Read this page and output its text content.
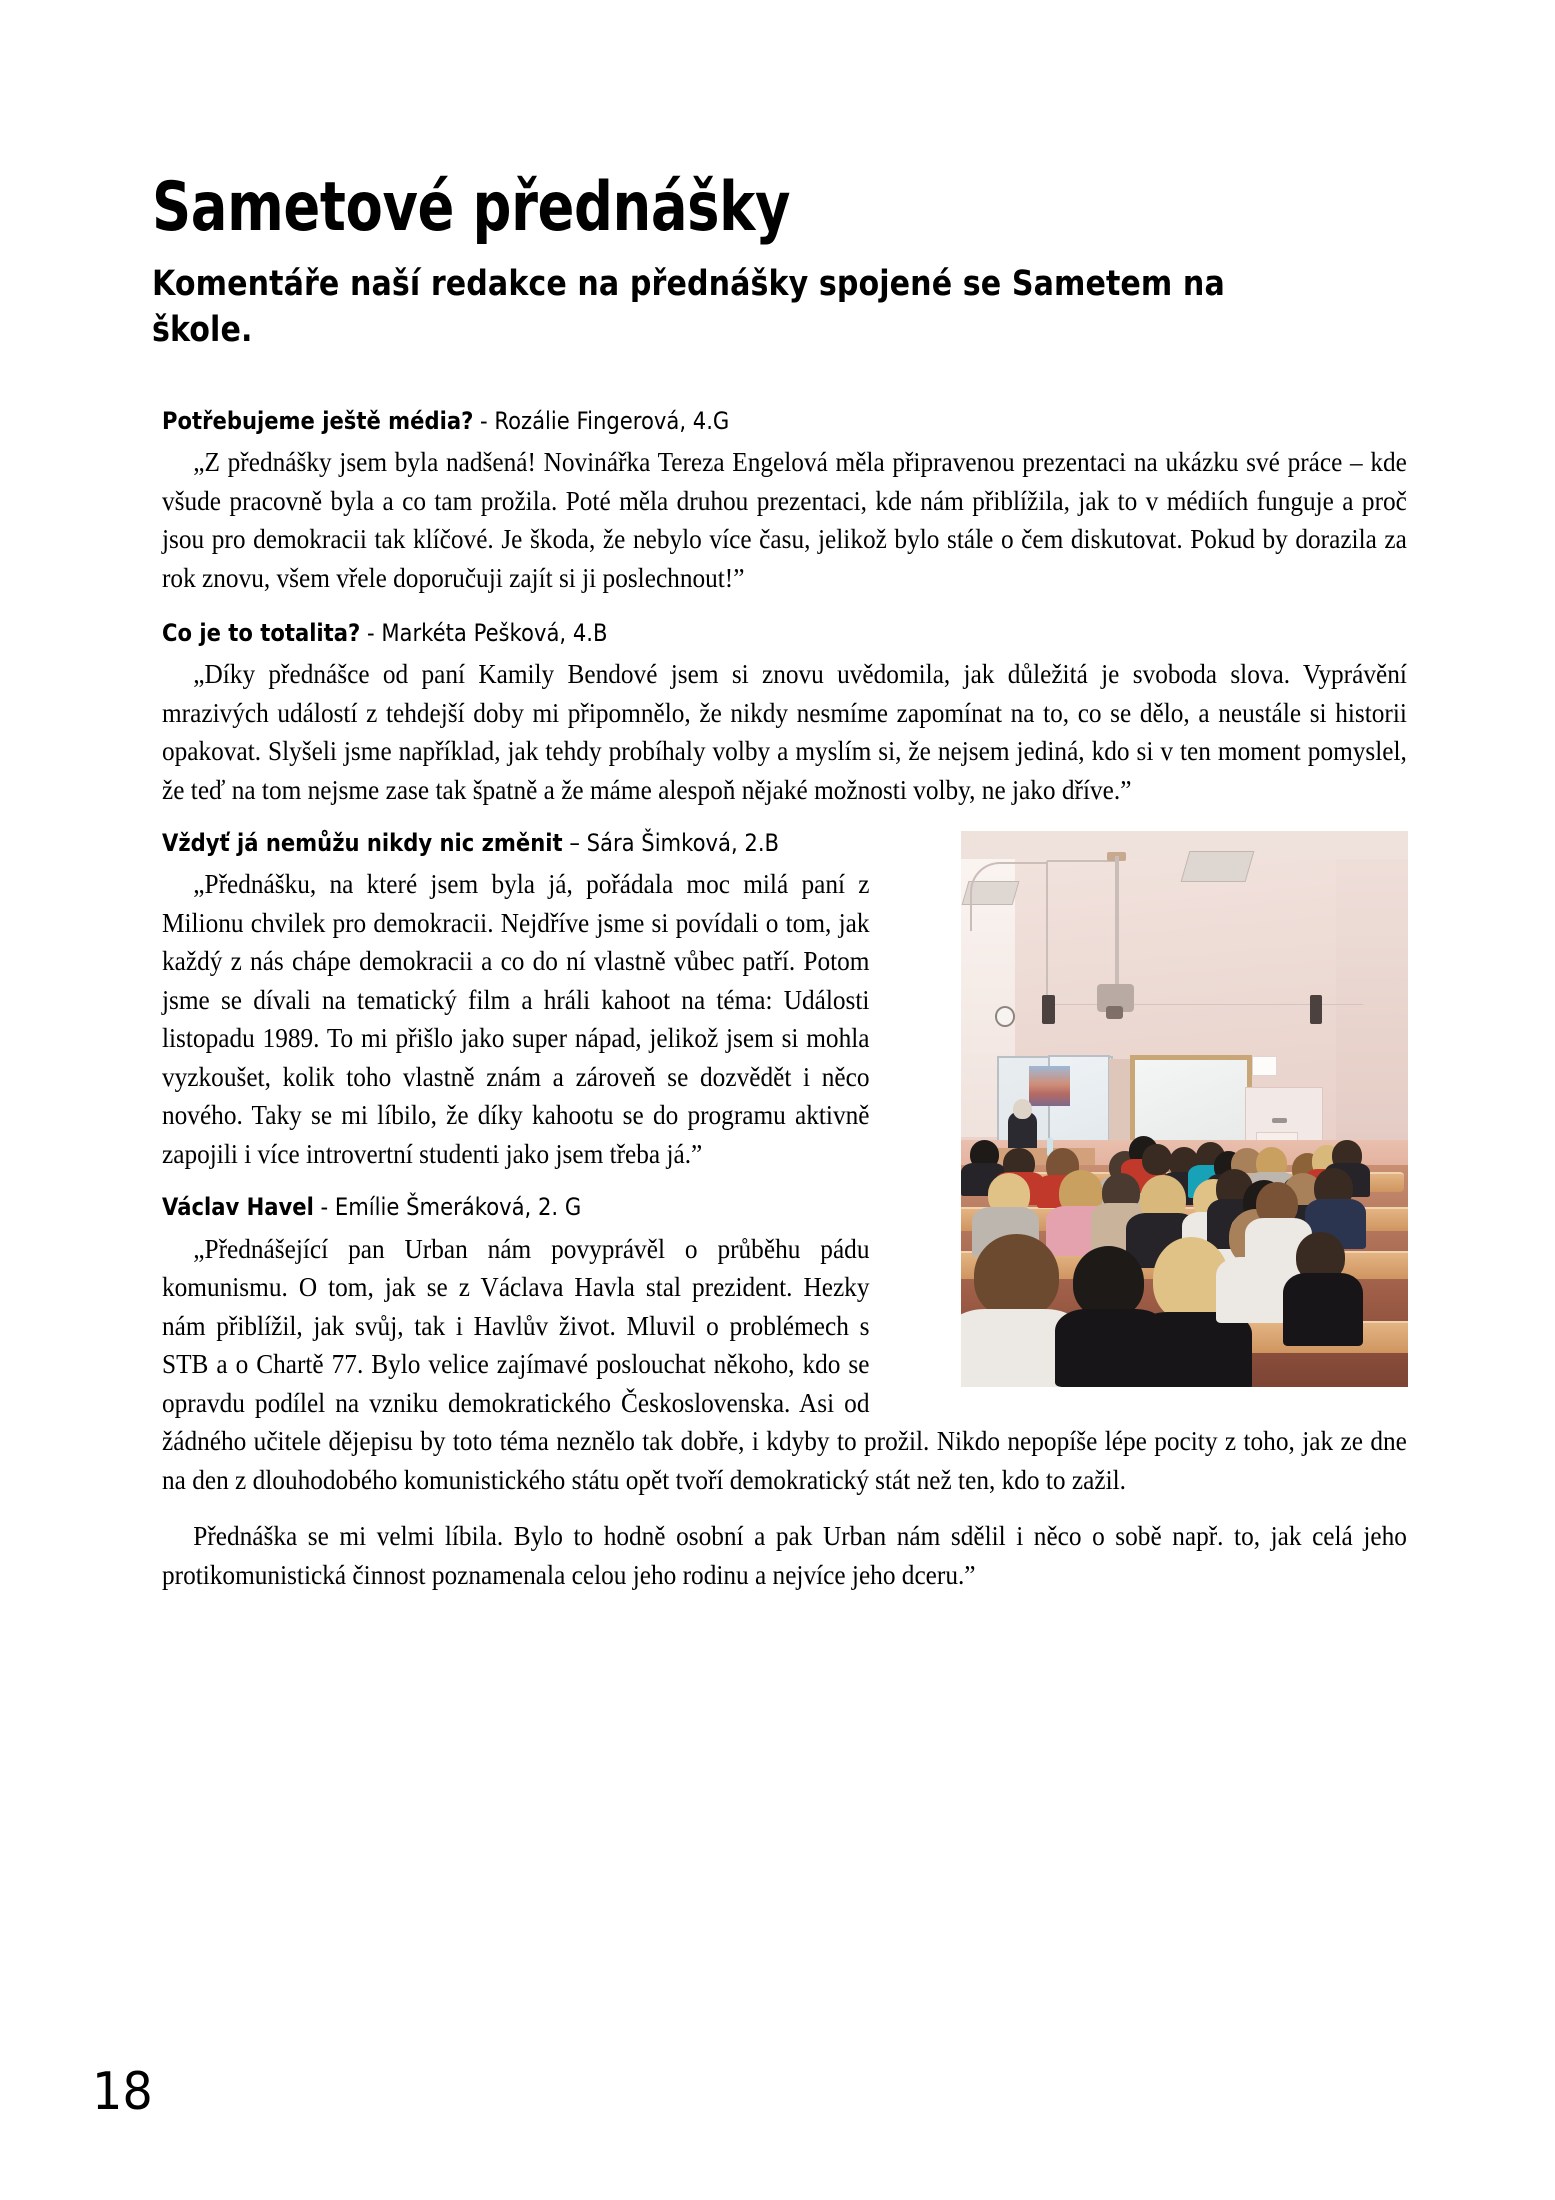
Sametové přednášky
Komentáře naší redakce na přednášky spojené se Sametem na škole.
Potřebujeme ještě média? - Rozálie Fingerová, 4.G

„Z přednášky jsem byla nadšená! Novinářka Tereza Engelová měla připravenou prezentaci na ukázku své práce – kde všude pracovně byla a co tam prožila. Poté měla druhou prezentaci, kde nám přiblížila, jak to v médiích funguje a proč jsou pro demokracii tak klíčové. Je škoda, že nebylo více času, jelikož bylo stále o čem diskutovat. Pokud by dorazila za rok znovu, všem vřele doporučuji zajít si ji poslechnout!”

Co je to totalita? - Markéta Pešková, 4.B

„Díky přednášce od paní Kamily Bendové jsem si znovu uvědomila, jak důležitá je svoboda slova. Vyprávění mrazivých událostí z tehdejší doby mi připomnělo, že nikdy nesmíme zapomínat na to, co se dělo, a neustále si historii opakovat. Slyšeli jsme například, jak tehdy probíhaly volby a myslím si, že nejsem jediná, kdo si v ten moment pomyslel, že teď na tom nejsme zase tak špatně a že máme alespoň nějaké možnosti volby, ne jako dříve.”

Vždyť já nemůžu nikdy nic změnit – Sára Šimková, 2.B

„Přednášku, na které jsem byla já, pořádala moc milá paní z Milionu chvilek pro demokracii. Nejdříve jsme si povídali o tom, jak každý z nás chápe demokracii a co do ní vlastně vůbec patří. Potom jsme se dívali na tematický film a hráli kahoot na téma: Události listopadu 1989. To mi přišlo jako super nápad, jelikož jsem si mohla vyzkoušet, kolik toho vlastně znám a zároveň se dozvědět i něco nového. Taky se mi líbilo, že díky kahootu se do programu aktivně zapojili i více introvertní studenti jako jsem třeba já.”

Václav Havel - Emílie Šmeráková, 2. G

„Přednášející pan Urban nám povyprávěl o průběhu pádu komunismu. O tom, jak se z Václava Havla stal prezident. Hezky nám přiblížil, jak svůj, tak i Havlův život. Mluvil o problémech s STB a o Chartě 77. Bylo velice zajímavé poslouchat někoho, kdo se opravdu podílel na vzniku demokratického Československa. Asi od žádného učitele dějepisu by toto téma neznělo tak dobře, i kdyby to prožil. Nikdo nepopíše lépe pocity z toho, jak ze dne na den z dlouhodobého komunistického státu opět tvoří demokratický stát než ten, kdo to zažil.

Přednáška se mi velmi líbila. Bylo to hodně osobní a pak Urban nám sdělil i něco o sobě např. to, jak celá jeho protikomunistická činnost poznamenala celou jeho rodinu a nejvíce jeho dceru.”

18
